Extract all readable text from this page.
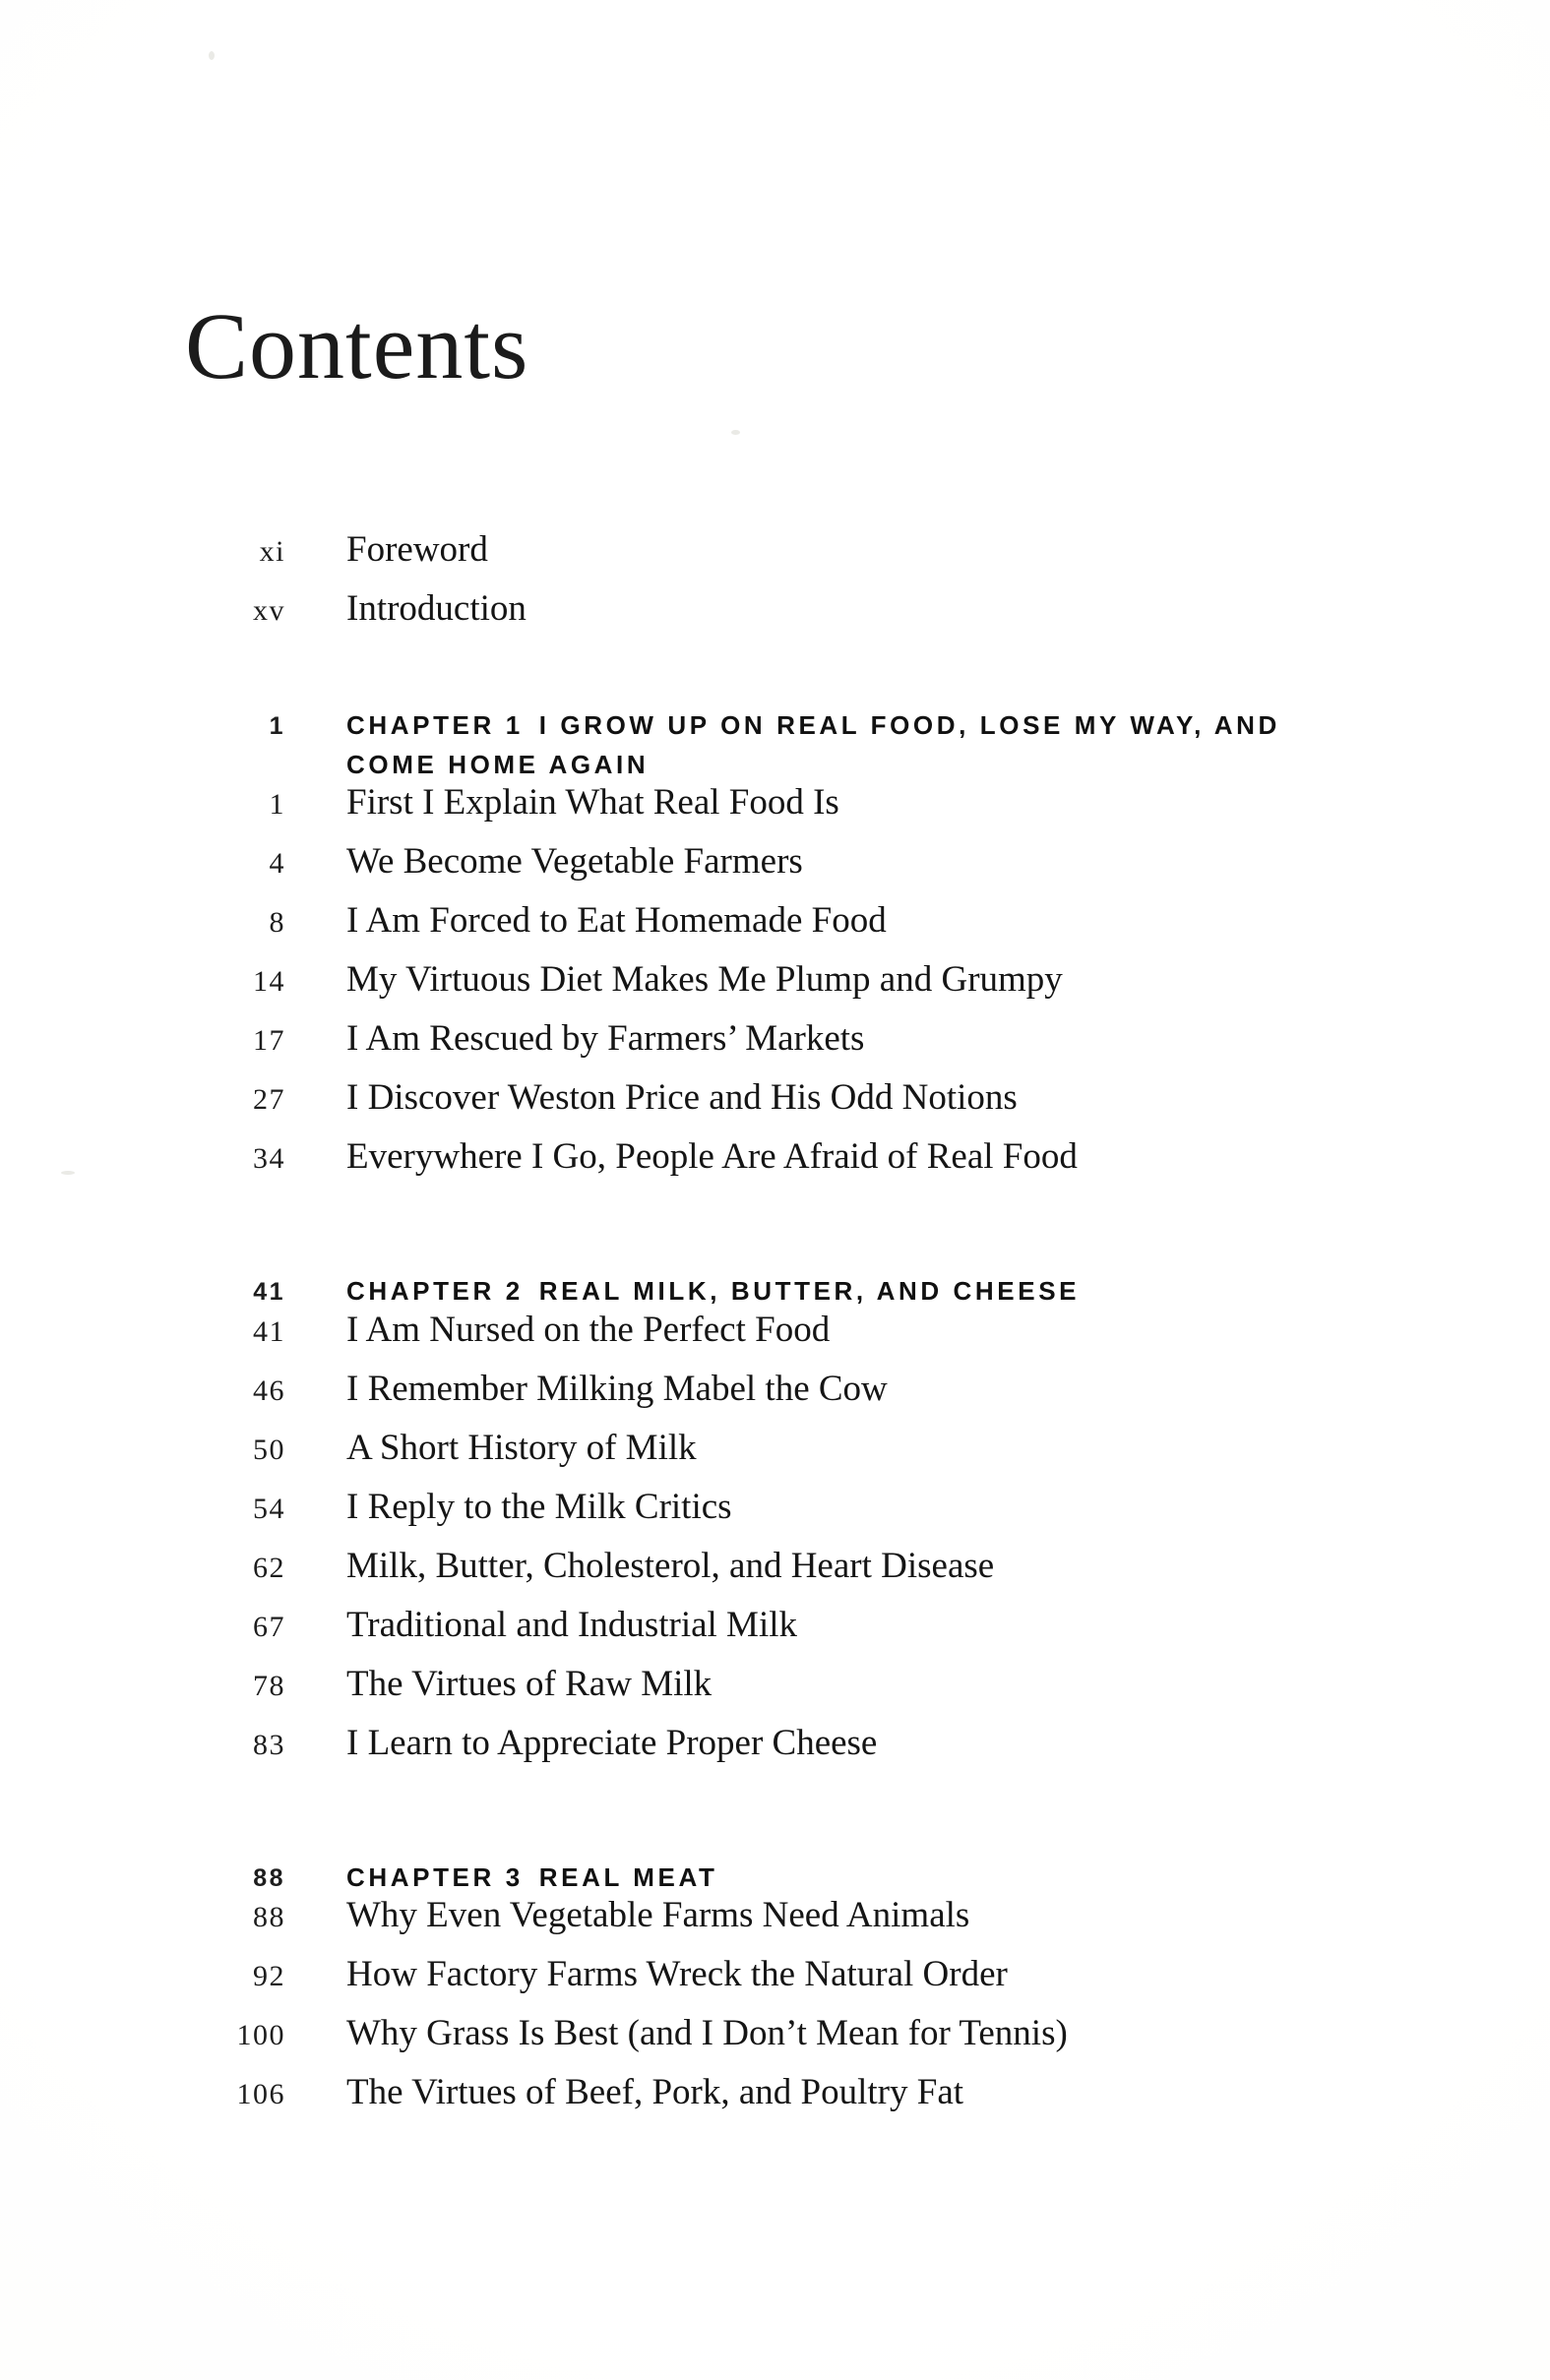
Contents
xi	Foreword
xv	Introduction
1	CHAPTER 1 I GROW UP ON REAL FOOD, LOSE MY WAY, AND COME HOME AGAIN
1	First I Explain What Real Food Is
4	We Become Vegetable Farmers
8	I Am Forced to Eat Homemade Food
14	My Virtuous Diet Makes Me Plump and Grumpy
17	I Am Rescued by Farmers’ Markets
27	I Discover Weston Price and His Odd Notions
34	Everywhere I Go, People Are Afraid of Real Food
41	CHAPTER 2 REAL MILK, BUTTER, AND CHEESE
41	I Am Nursed on the Perfect Food
46	I Remember Milking Mabel the Cow
50	A Short History of Milk
54	I Reply to the Milk Critics
62	Milk, Butter, Cholesterol, and Heart Disease
67	Traditional and Industrial Milk
78	The Virtues of Raw Milk
83	I Learn to Appreciate Proper Cheese
88	CHAPTER 3 REAL MEAT
88	Why Even Vegetable Farms Need Animals
92	How Factory Farms Wreck the Natural Order
100	Why Grass Is Best (and I Don’t Mean for Tennis)
106	The Virtues of Beef, Pork, and Poultry Fat
